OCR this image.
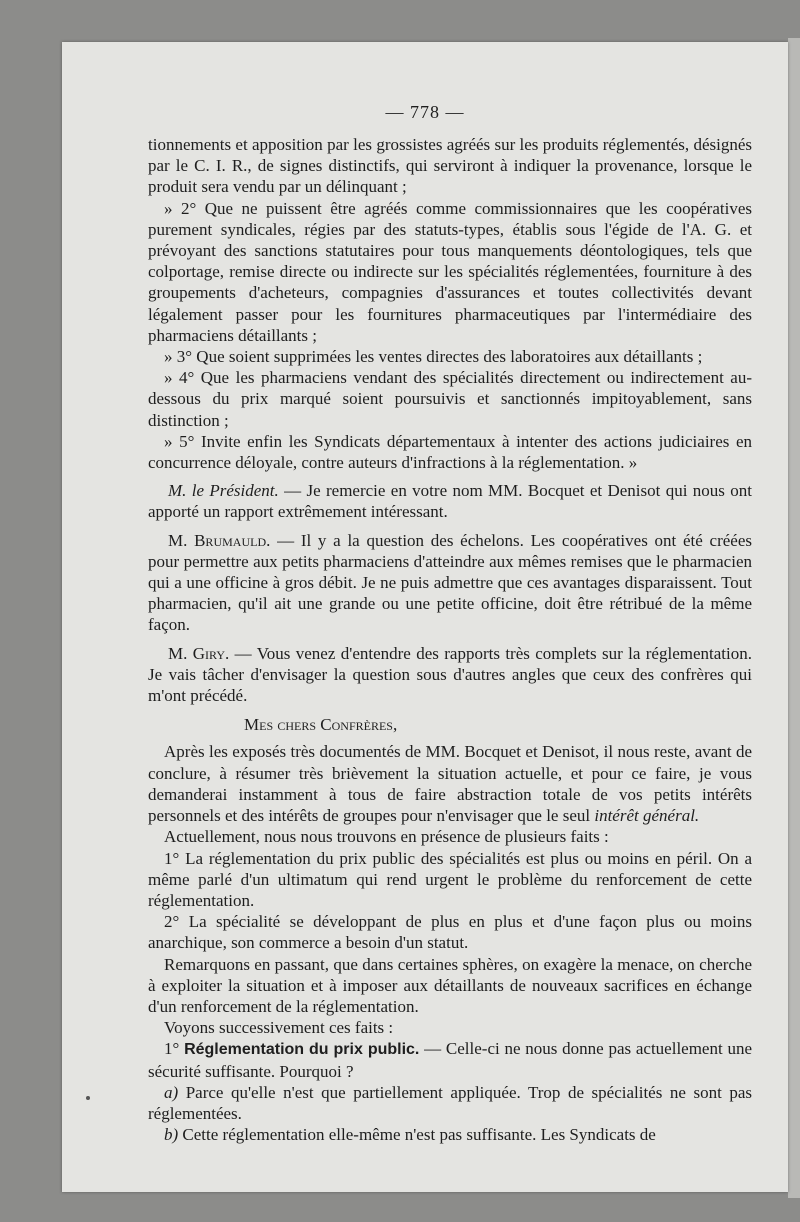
— 778 —

tionnements et apposition par les grossistes agréés sur les produits réglementés, désignés par le C. I. R., de signes distinctifs, qui serviront à indiquer la provenance, lorsque le produit sera vendu par un délinquant ;

» 2° Que ne puissent être agréés comme commissionnaires que les coopératives purement syndicales, régies par des statuts-types, établis sous l'égide de l'A. G. et prévoyant des sanctions statutaires pour tous manquements déontologiques, tels que colportage, remise directe ou indirecte sur les spécialités réglementées, fourniture à des groupements d'acheteurs, compagnies d'assurances et toutes collectivités devant légalement passer pour les fournitures pharmaceutiques par l'intermédiaire des pharmaciens détaillants ;

» 3° Que soient supprimées les ventes directes des laboratoires aux détaillants ;

» 4° Que les pharmaciens vendant des spécialités directement ou indirectement au-dessous du prix marqué soient poursuivis et sanctionnés impitoyablement, sans distinction ;

» 5° Invite enfin les Syndicats départementaux à intenter des actions judiciaires en concurrence déloyale, contre auteurs d'infractions à la réglementation. »

M. le Président. — Je remercie en votre nom MM. Bocquet et Denisot qui nous ont apporté un rapport extrêmement intéressant.

M. Brumauld. — Il y a la question des échelons. Les coopératives ont été créées pour permettre aux petits pharmaciens d'atteindre aux mêmes remises que le pharmacien qui a une officine à gros débit. Je ne puis admettre que ces avantages disparaissent. Tout pharmacien, qu'il ait une grande ou une petite officine, doit être rétribué de la même façon.

M. Giry. — Vous venez d'entendre des rapports très complets sur la réglementation. Je vais tâcher d'envisager la question sous d'autres angles que ceux des confrères qui m'ont précédé.

Mes chers Confrères,

Après les exposés très documentés de MM. Bocquet et Denisot, il nous reste, avant de conclure, à résumer très brièvement la situation actuelle, et pour ce faire, je vous demanderai instamment à tous de faire abstraction totale de vos petits intérêts personnels et des intérêts de groupes pour n'envisager que le seul intérêt général.

Actuellement, nous nous trouvons en présence de plusieurs faits :

1° La réglementation du prix public des spécialités est plus ou moins en péril. On a même parlé d'un ultimatum qui rend urgent le problème du renforcement de cette réglementation.

2° La spécialité se développant de plus en plus et d'une façon plus ou moins anarchique, son commerce a besoin d'un statut.

Remarquons en passant, que dans certaines sphères, on exagère la menace, on cherche à exploiter la situation et à imposer aux détaillants de nouveaux sacrifices en échange d'un renforcement de la réglementation.

Voyons successivement ces faits :

1° Réglementation du prix public. — Celle-ci ne nous donne pas actuellement une sécurité suffisante. Pourquoi ?

a) Parce qu'elle n'est que partiellement appliquée. Trop de spécialités ne sont pas réglementées.

b) Cette réglementation elle-même n'est pas suffisante. Les Syndicats de
